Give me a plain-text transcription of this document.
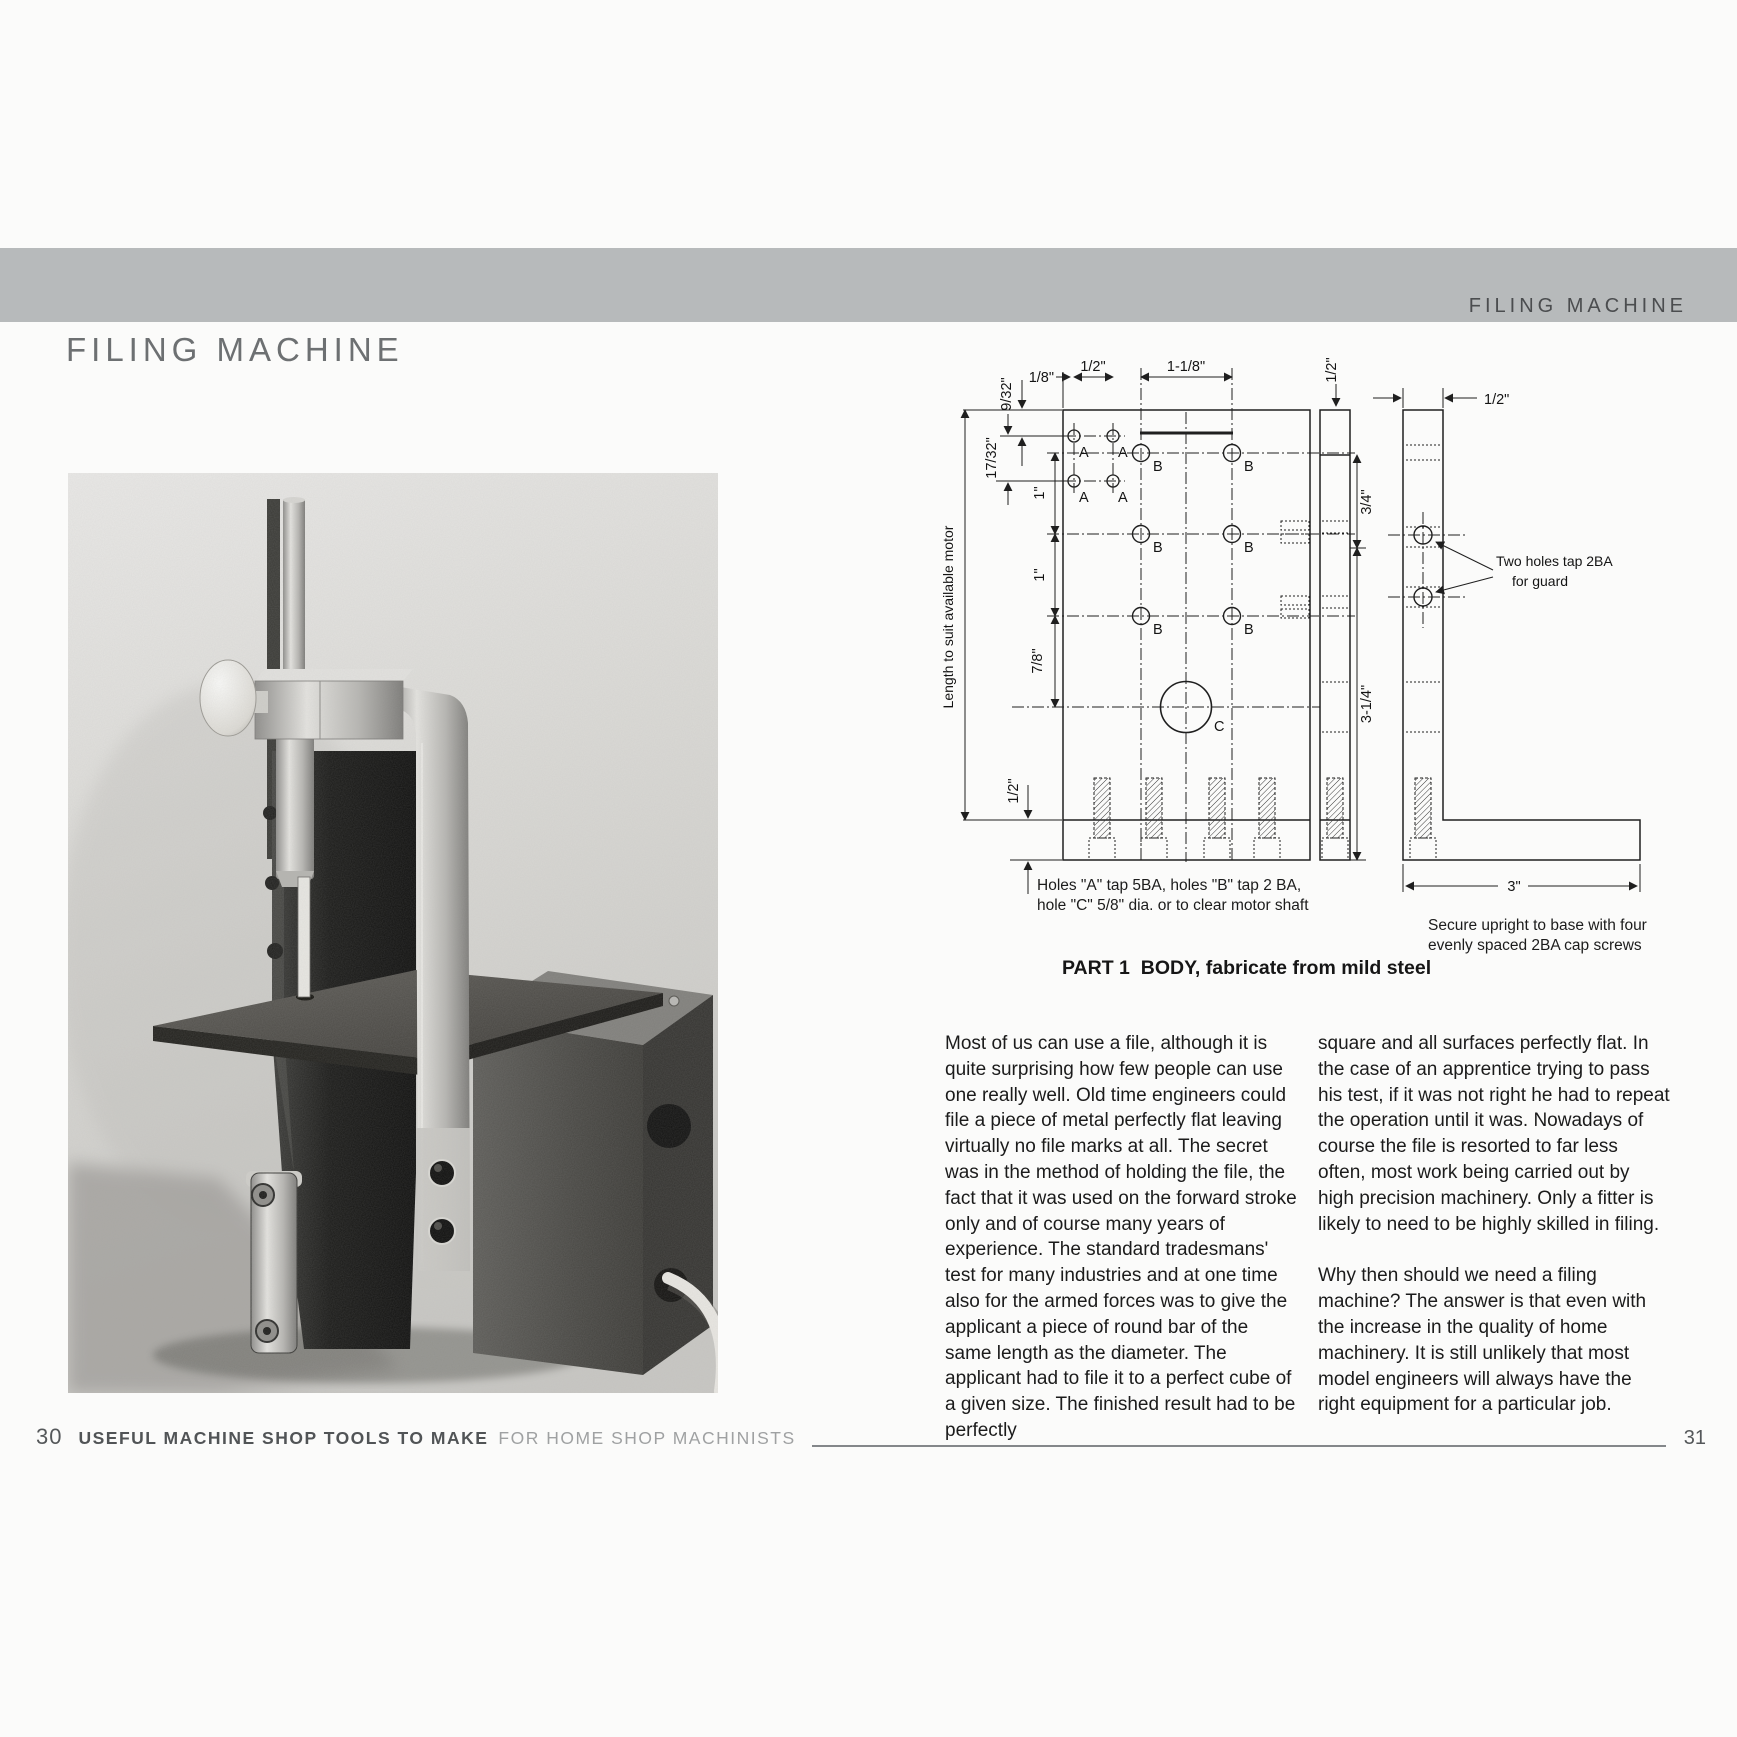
FILING MACHINE
FILING MACHINE
1/8"
1/2"	1-1/8"
9/32"
17/32"
1"
1"
7/8"
1/2"
Length to suit available motor
1/2"
3/4"
3-1/4"
1/2"
3"
A A
A A
B	B
B	B
B	B
C
Two holes tap 2BA
for guard
Holes "A" tap 5BA, holes "B" tap 2 BA,
hole "C" 5/8" dia. or to clear motor shaft
Secure upright to base with four
evenly spaced 2BA cap screws
PART 1  BODY, fabricate from mild steel

Most of us can use a file, although it is quite surprising how few people can use one really well. Old time engineers could file a piece of metal perfectly flat leaving virtually no file marks at all. The secret was in the method of holding the file, the fact that it was used on the forward stroke only and of course many years of experience. The standard tradesmans' test for many industries and at one time also for the armed forces was to give the applicant a piece of round bar of the same length as the diameter. The applicant had to file it to a perfect cube of a given size. The finished result had to be perfectly

square and all surfaces perfectly flat. In the case of an apprentice trying to pass his test, if it was not right he had to repeat the operation until it was. Nowadays of course the file is resorted to far less often, most work being carried out by high precision machinery. Only a fitter is likely to need to be highly skilled in filing.

Why then should we need a filing machine? The answer is that even with the increase in the quality of home machinery. It is still unlikely that most model engineers will always have the right equipment for a particular job.

30 USEFUL MACHINE SHOP TOOLS TO MAKE FOR HOME SHOP MACHINISTS	31
